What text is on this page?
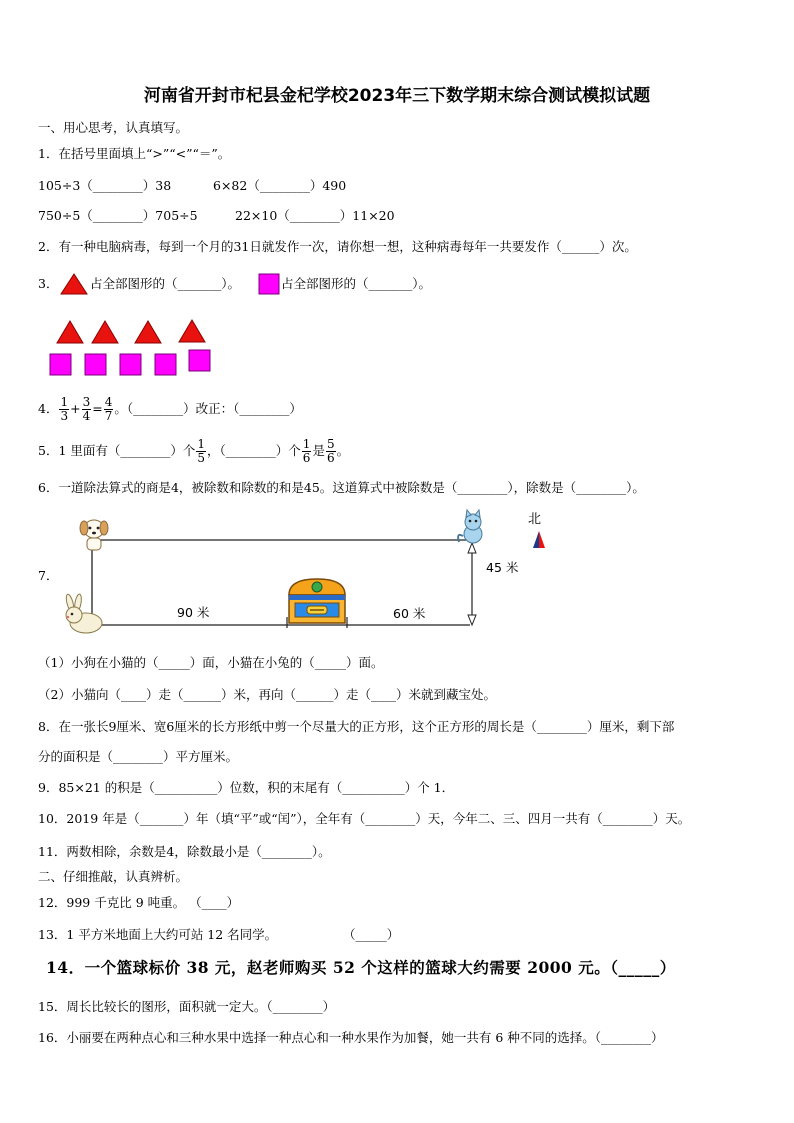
河南省开封市杞县金杞学校2023年三下数学期末综合测试模拟试题
一、用心思考，认真填写。
1．在括号里面填上“>”“<”“＝”。
105÷3（________）38	6×82（________）490
750÷5（________）705÷5	22×10（________）11×20
2．有一种电脑病毒，每到一个月的31日就发作一次，请你想一想，这种病毒每年一共要发作（______）次。
3．	占全部图形的（_______）。	占全部图形的（_______）。
4． $\frac{1}{3} + \frac{3}{4} = \frac{4}{7}$ 。（________）改正：（________）
5．1 里面有（________）个 $\frac{1}{5}$ ，（________）个 $\frac{1}{6}$ 是 $\frac{5}{6}$ 。
6．一道除法算式的商是4，被除数和除数的和是45。这道算式中被除数是（________），除数是（________）。
7．
北
45 米
90 米	60 米
（1）小狗在小猫的（_____）面，小猫在小兔的（_____）面。
（2）小猫向（____）走（______）米，再向（______）走（____）米就到藏宝处。
8．在一张长9厘米、宽6厘米的长方形纸中剪一个尽量大的正方形，这个正方形的周长是（________）厘米，剩下部
分的面积是（________）平方厘米。
9．85×21 的积是（__________）位数，积的末尾有（__________）个 1．
10．2019 年是（_______）年（填“平”或“闰”），全年有（________）天，今年二、三、四月一共有（________）天。
11．两数相除，余数是4，除数最小是（________）。
二、仔细推敲，认真辨析。
12．999 千克比 9 吨重。 （____）
13．1 平方米地面上大约可站 12 名同学。	（_____）
14．一个篮球标价 38 元，赵老师购买 52 个这样的篮球大约需要 2000 元。（_____）
15．周长比较长的图形，面积就一定大。（________）
16．小丽要在两种点心和三种水果中选择一种点心和一种水果作为加餐，她一共有 6 种不同的选择。（________）
